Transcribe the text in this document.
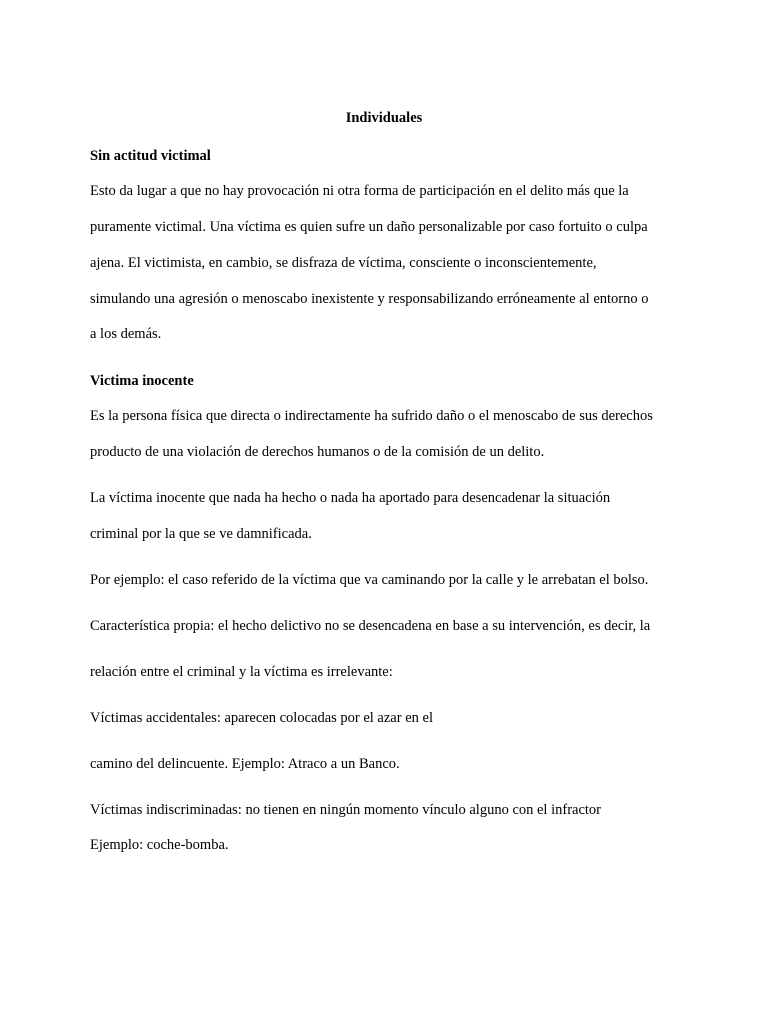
Individuales
Sin actitud victimal
Esto da lugar a que no hay provocación ni otra forma de participación en el delito más que la
puramente victimal. Una víctima es quien sufre un daño personalizable por caso fortuito o culpa
ajena. El victimista, en cambio, se disfraza de víctima, consciente o inconscientemente,
simulando una agresión o menoscabo inexistente y responsabilizando erróneamente al entorno o
a los demás.
Victima inocente
Es la persona física que directa o indirectamente ha sufrido daño o el menoscabo de sus derechos
producto de una violación de derechos humanos o de la comisión de un delito.
La víctima inocente que nada ha hecho o nada ha aportado para desencadenar la situación
criminal por la que se ve damnificada.
Por ejemplo: el caso referido de la víctima que va caminando por la calle y le arrebatan el bolso.
Característica propia: el hecho delictivo no se desencadena en base a su intervención, es decir, la
relación entre el criminal y la víctima es irrelevante:
Víctimas accidentales: aparecen colocadas por el azar en el
camino del delincuente. Ejemplo: Atraco a un Banco.
Víctimas indiscriminadas: no tienen en ningún momento vínculo alguno con el infractor
Ejemplo: coche-bomba.
